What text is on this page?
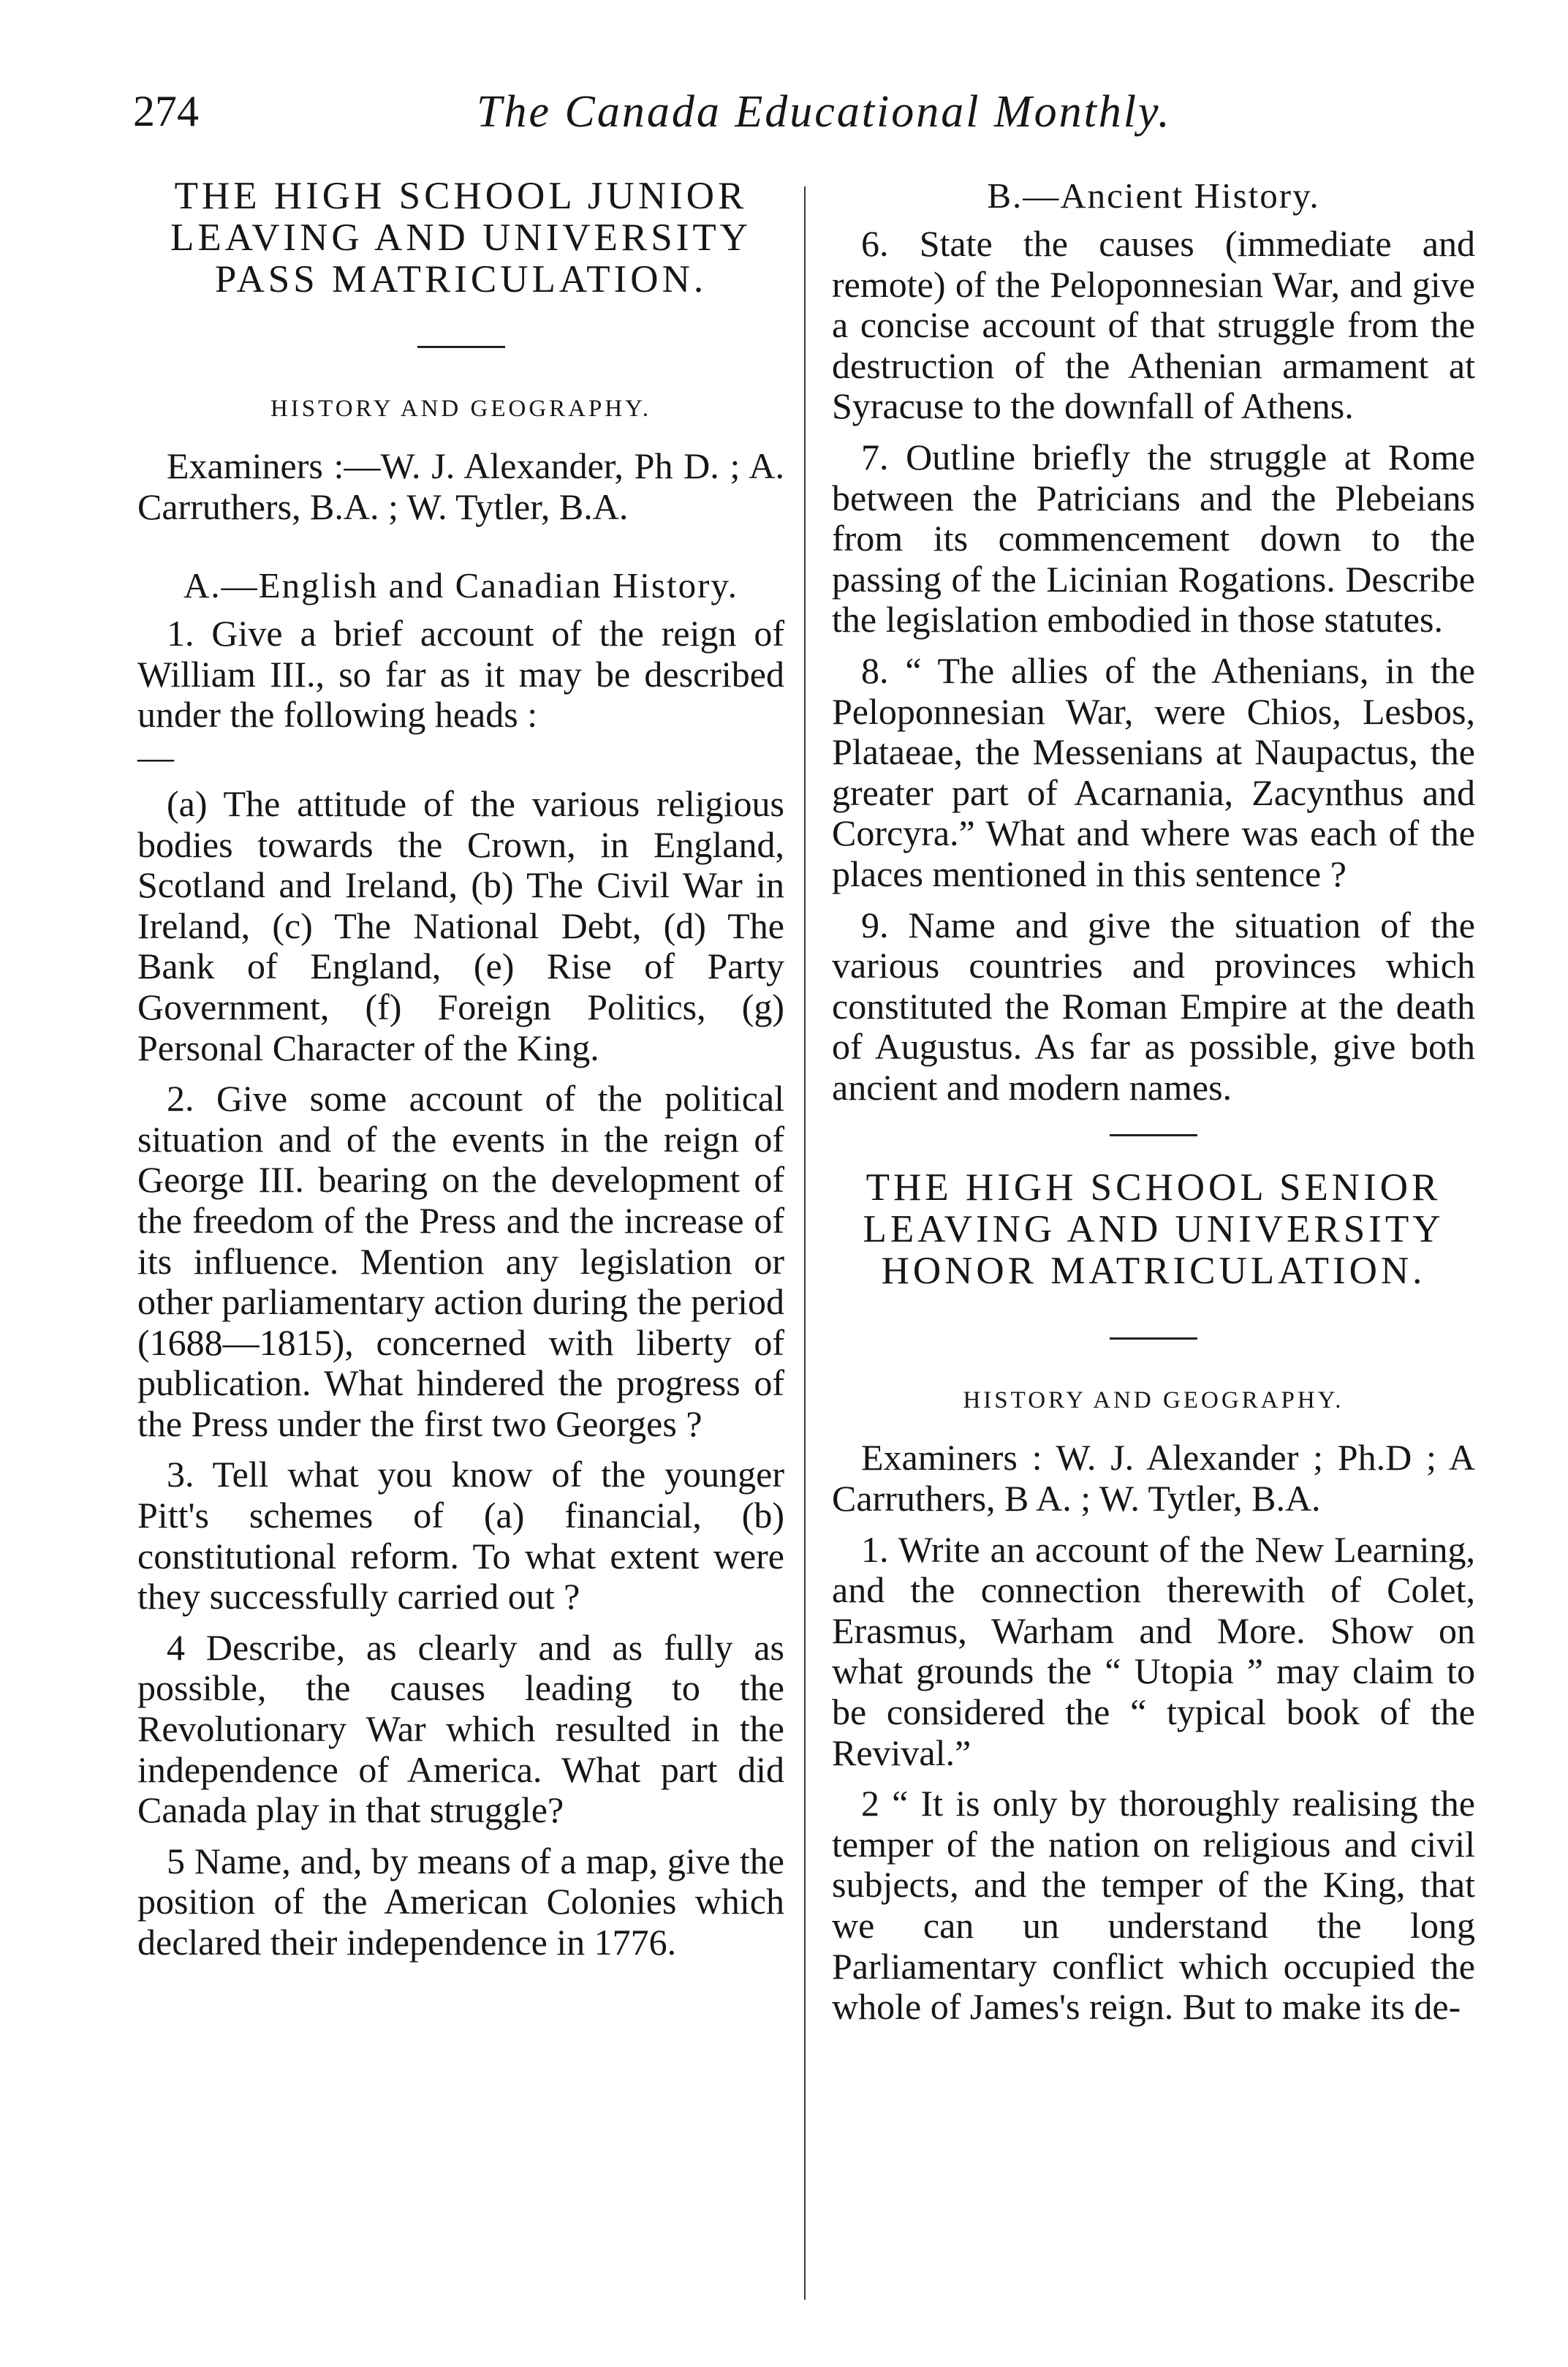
274	The Canada Educational Monthly.
THE HIGH SCHOOL JUNIOR LEAVING AND UNIVERSITY PASS MATRICULATION.
HISTORY AND GEOGRAPHY.

Examiners :—W. J. Alexander, Ph D. ; A. Carruthers, B.A. ; W. Tytler, B.A.

A.—English and Canadian History.

1. Give a brief account of the reign of William III., so far as it may be described under the following heads :

—

(a) The attitude of the various religious bodies towards the Crown, in England, Scotland and Ireland, (b) The Civil War in Ireland, (c) The National Debt, (d) The Bank of England, (e) Rise of Party Government, (f) Foreign Politics, (g) Personal Character of the King.

2. Give some account of the political situation and of the events in the reign of George III. bearing on the development of the freedom of the Press and the increase of its influence. Mention any legislation or other parliamentary action during the period (1688—1815), concerned with liberty of publication. What hindered the progress of the Press under the first two Georges ?

3. Tell what you know of the younger Pitt's schemes of (a) financial, (b) constitutional reform. To what extent were they successfully carried out ?

4 Describe, as clearly and as fully as possible, the causes leading to the Revolutionary War which resulted in the independence of America. What part did Canada play in that struggle?

5 Name, and, by means of a map, give the position of the American Colonies which declared their independence in 1776.

B.—Ancient History.

6. State the causes (immediate and remote) of the Peloponnesian War, and give a concise account of that struggle from the destruction of the Athenian armament at Syracuse to the downfall of Athens.

7. Outline briefly the struggle at Rome between the Patricians and the Plebeians from its commencement down to the passing of the Licinian Rogations. Describe the legislation embodied in those statutes.

8. “ The allies of the Athenians, in the Peloponnesian War, were Chios, Lesbos, Plataeae, the Messenians at Naupactus, the greater part of Acarnania, Zacynthus and Corcyra.” What and where was each of the places mentioned in this sentence ?

9. Name and give the situation of the various countries and provinces which constituted the Roman Empire at the death of Augustus. As far as possible, give both ancient and modern names.

THE HIGH SCHOOL SENIOR LEAVING AND UNIVERSITY HONOR MATRICULATION.
HISTORY AND GEOGRAPHY.

Examiners : W. J. Alexander ; Ph.D ; A Carruthers, B A. ; W. Tytler, B.A.

1. Write an account of the New Learning, and the connection therewith of Colet, Erasmus, Warham and More. Show on what grounds the “ Utopia ” may claim to be considered the “ typical book of the Revival.”

2 “ It is only by thoroughly realising the temper of the nation on religious and civil subjects, and the temper of the King, that we can un understand the long Parliamentary conflict which occupied the whole of James's reign. But to make its de-
